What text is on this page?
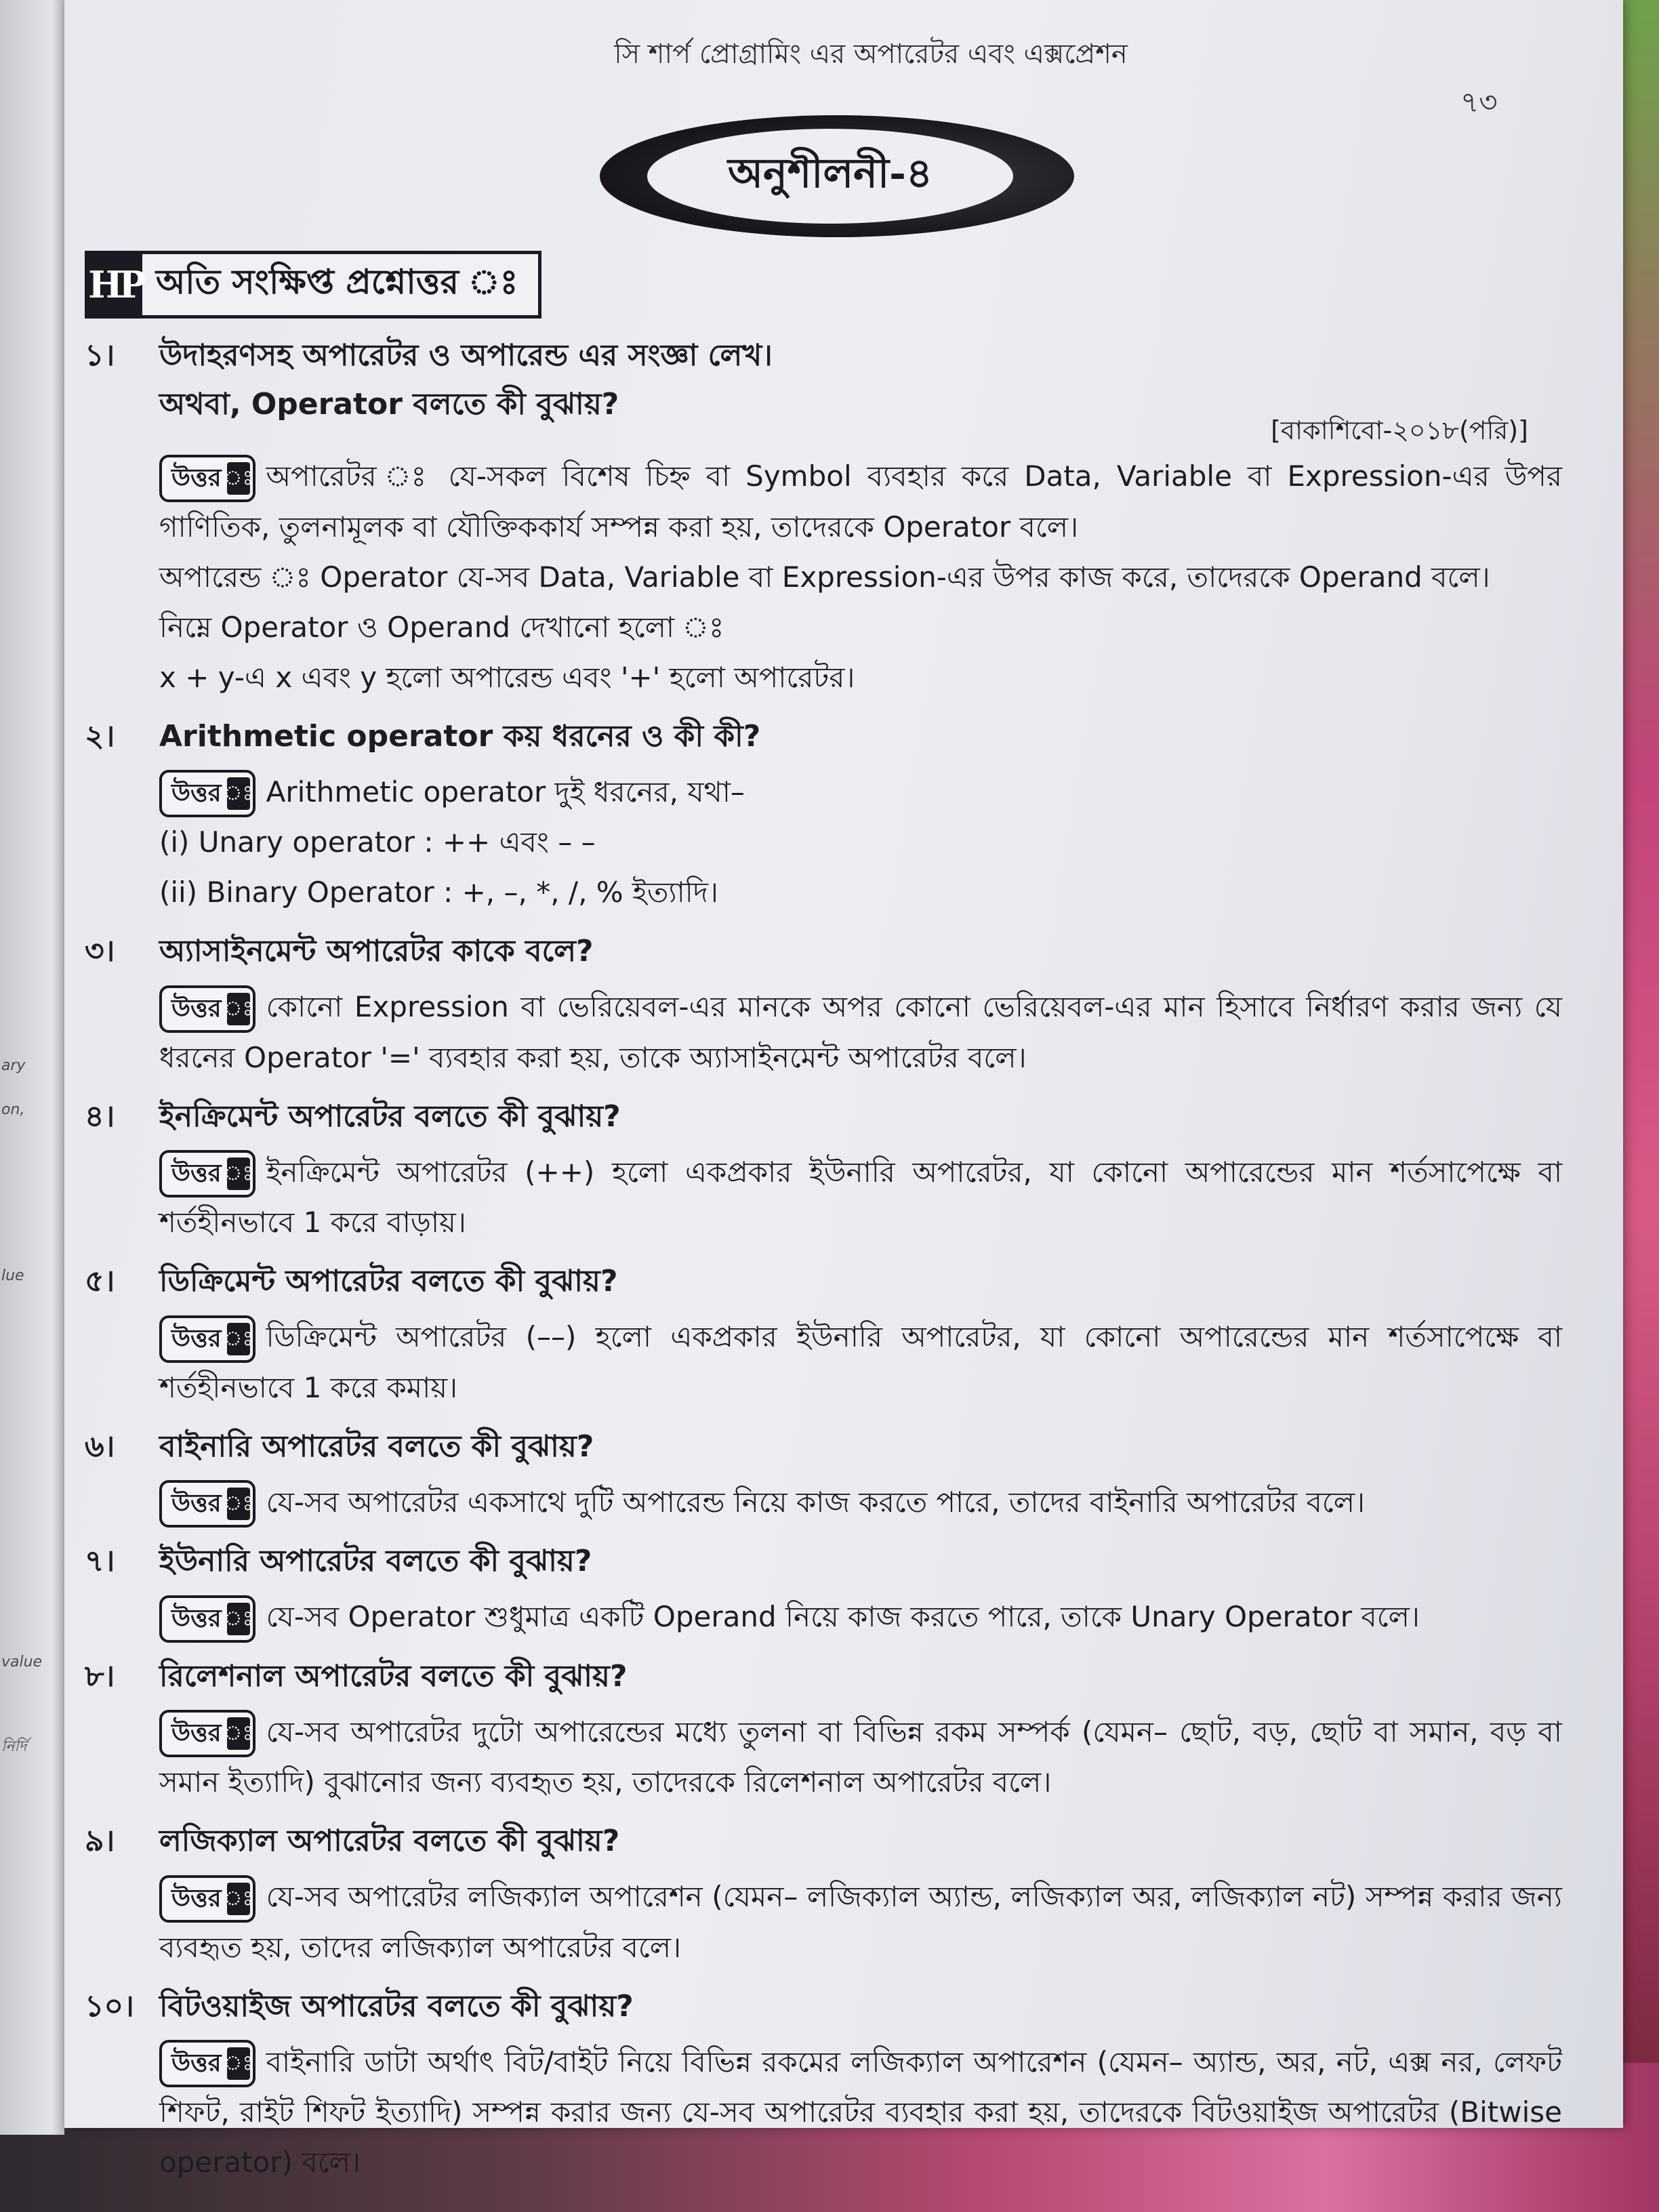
ary
on,
lue
value
নির্দি
সি শার্প প্রোগ্রামিং এর অপারেটর এবং এক্সপ্রেশন
৭৩
অনুশীলনী-৪
HP অতি সংক্ষিপ্ত প্রশ্নোত্তর ঃ
১।	উদাহরণসহ অপারেটর ও অপারেন্ড এর সংজ্ঞা লেখ।
অথবা, Operator বলতে কী বুঝায়?
[বাকাশিবো-২০১৮(পরি)]
উত্তর ঃ অপারেটর ঃ যে-সকল বিশেষ চিহ্ন বা Symbol ব্যবহার করে Data, Variable বা Expression-এর উপর গাণিতিক, তুলনামূলক বা যৌক্তিককার্য সম্পন্ন করা হয়, তাদেরকে Operator বলে।
অপারেন্ড ঃ Operator যে-সব Data, Variable বা Expression-এর উপর কাজ করে, তাদেরকে Operand বলে।
নিম্নে Operator ও Operand দেখানো হলো ঃ
x + y-এ x এবং y হলো অপারেন্ড এবং '+' হলো অপারেটর।
২।	Arithmetic operator কয় ধরনের ও কী কী?
উত্তর ঃ Arithmetic operator দুই ধরনের, যথা–
(i) Unary operator : ++ এবং – –
(ii) Binary Operator : +, –, *, /, % ইত্যাদি।
৩।	অ্যাসাইনমেন্ট অপারেটর কাকে বলে?
উত্তর ঃ কোনো Expression বা ভেরিয়েবল-এর মানকে অপর কোনো ভেরিয়েবল-এর মান হিসাবে নির্ধারণ করার জন্য যে ধরনের Operator '=' ব্যবহার করা হয়, তাকে অ্যাসাইনমেন্ট অপারেটর বলে।
৪।	ইনক্রিমেন্ট অপারেটর বলতে কী বুঝায়?
উত্তর ঃ ইনক্রিমেন্ট অপারেটর (++) হলো একপ্রকার ইউনারি অপারেটর, যা কোনো অপারেন্ডের মান শর্তসাপেক্ষে বা শর্তহীনভাবে 1 করে বাড়ায়।
৫।	ডিক্রিমেন্ট অপারেটর বলতে কী বুঝায়?
উত্তর ঃ ডিক্রিমেন্ট অপারেটর (––) হলো একপ্রকার ইউনারি অপারেটর, যা কোনো অপারেন্ডের মান শর্তসাপেক্ষে বা শর্তহীনভাবে 1 করে কমায়।
৬।	বাইনারি অপারেটর বলতে কী বুঝায়?
উত্তর ঃ যে-সব অপারেটর একসাথে দুটি অপারেন্ড নিয়ে কাজ করতে পারে, তাদের বাইনারি অপারেটর বলে।
৭।	ইউনারি অপারেটর বলতে কী বুঝায়?
উত্তর ঃ যে-সব Operator শুধুমাত্র একটি Operand নিয়ে কাজ করতে পারে, তাকে Unary Operator বলে।
৮।	রিলেশনাল অপারেটর বলতে কী বুঝায়?
উত্তর ঃ যে-সব অপারেটর দুটো অপারেন্ডের মধ্যে তুলনা বা বিভিন্ন রকম সম্পর্ক (যেমন– ছোট, বড়, ছোট বা সমান, বড় বা সমান ইত্যাদি) বুঝানোর জন্য ব্যবহৃত হয়, তাদেরকে রিলেশনাল অপারেটর বলে।
৯।	লজিক্যাল অপারেটর বলতে কী বুঝায়?
উত্তর ঃ যে-সব অপারেটর লজিক্যাল অপারেশন (যেমন– লজিক্যাল অ্যান্ড, লজিক্যাল অর, লজিক্যাল নট) সম্পন্ন করার জন্য ব্যবহৃত হয়, তাদের লজিক্যাল অপারেটর বলে।
১০। বিটওয়াইজ অপারেটর বলতে কী বুঝায়?
উত্তর ঃ বাইনারি ডাটা অর্থাৎ বিট/বাইট নিয়ে বিভিন্ন রকমের লজিক্যাল অপারেশন (যেমন– অ্যান্ড, অর, নট, এক্স নর, লেফট শিফট, রাইট শিফট ইত্যাদি) সম্পন্ন করার জন্য যে-সব অপারেটর ব্যবহার করা হয়, তাদেরকে বিটওয়াইজ অপারেটর (Bitwise operator) বলে।
